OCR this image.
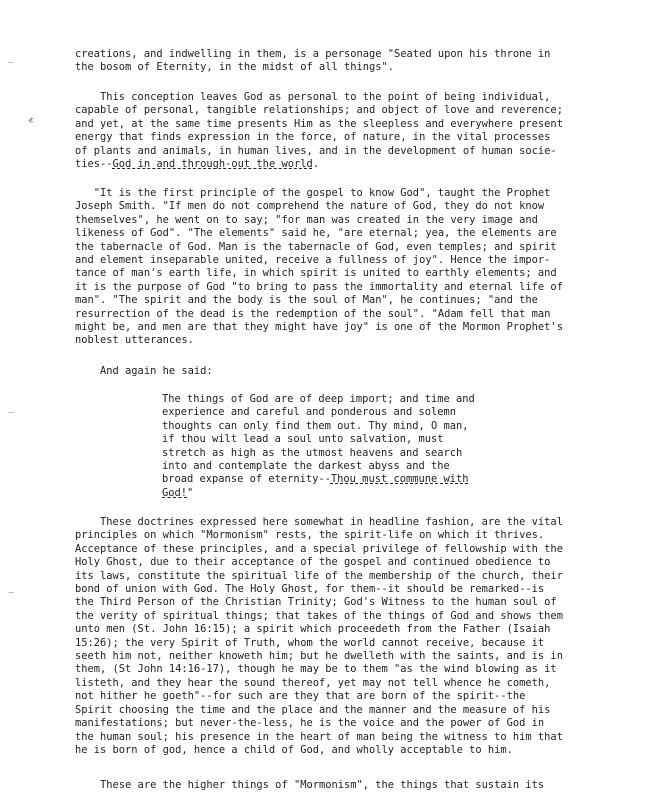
⌣
≮
⌣
⌣

creations, and indwelling in them, is a personage "Seated upon his throne in
the bosom of Eternity, in the midst of all things".

This conception leaves God as personal to the point of being individual,
capable of personal, tangible relationships; and object of love and reverence;
and yet, at the same time presents Him as the sleepless and everywhere present
energy that finds expression in the force, of nature, in the vital processes
of plants and animals, in human lives, and in the development of human socie-
ties--God in and through-out the world.

"It is the first principle of the gospel to know God", taught the Prophet
Joseph Smith. "If men do not comprehend the nature of God, they do not know
themselves", he went on to say; "for man was created in the very image and
likeness of God". "The elements" said he, "are eternal; yea, the elements are
the tabernacle of God. Man is the tabernacle of God, even temples; and spirit
and element inseparable united, receive a fullness of joy". Hence the impor-
tance of man's earth life, in which spirit is united to earthly elements; and
it is the purpose of God "to bring to pass the immortality and eternal life of
man". "The spirit and the body is the soul of Man", he continues; "and the
resurrection of the dead is the redemption of the soul". "Adam fell that man
might be, and men are that they might have joy" is one of the Mormon Prophet's
noblest utterances.

And again he said:

The things of God are of deep import; and time and
experience and careful and ponderous and solemn
thoughts can only find them out. Thy mind, O man,
if thou wilt lead a soul unto salvation, must
stretch as high as the utmost heavens and search
into and contemplate the darkest abyss and the
broad expanse of eternity--Thou must commune with
God!"

These doctrines expressed here somewhat in headline fashion, are the vital
principles on which "Mormonism" rests, the spirit-life on which it thrives.
Acceptance of these principles, and a special privilege of fellowship with the
Holy Ghost, due to their acceptance of the gospel and continued obedience to
its laws, constitute the spiritual life of the membership of the church, their
bond of union with God. The Holy Ghost, for them--it should be remarked--is
the Third Person of the Christian Trinity; God's Witness to the human soul of
the verity of spiritual things; that takes of the things of God and shows them
unto men (St. John 16:15); a spirit which proceedeth from the Father (Isaiah
15:26); the very Spirit of Truth, whom the world cannot receive, because it
seeth him not, neither knoweth him; but he dwelleth with the saints, and is in
them, (St John 14:16-17), though he may be to them "as the wind blowing as it
listeth, and they hear the sound thereof, yet may not tell whence he cometh,
not hither he goeth"--for such are they that are born of the spirit--the
Spirit choosing the time and the place and the manner and the measure of his
manifestations; but never-the-less, he is the voice and the power of God in
the human soul; his presence in the heart of man being the witness to him that
he is born of god, hence a child of God, and wholly acceptable to him.

These are the higher things of "Mormonism", the things that sustain its
